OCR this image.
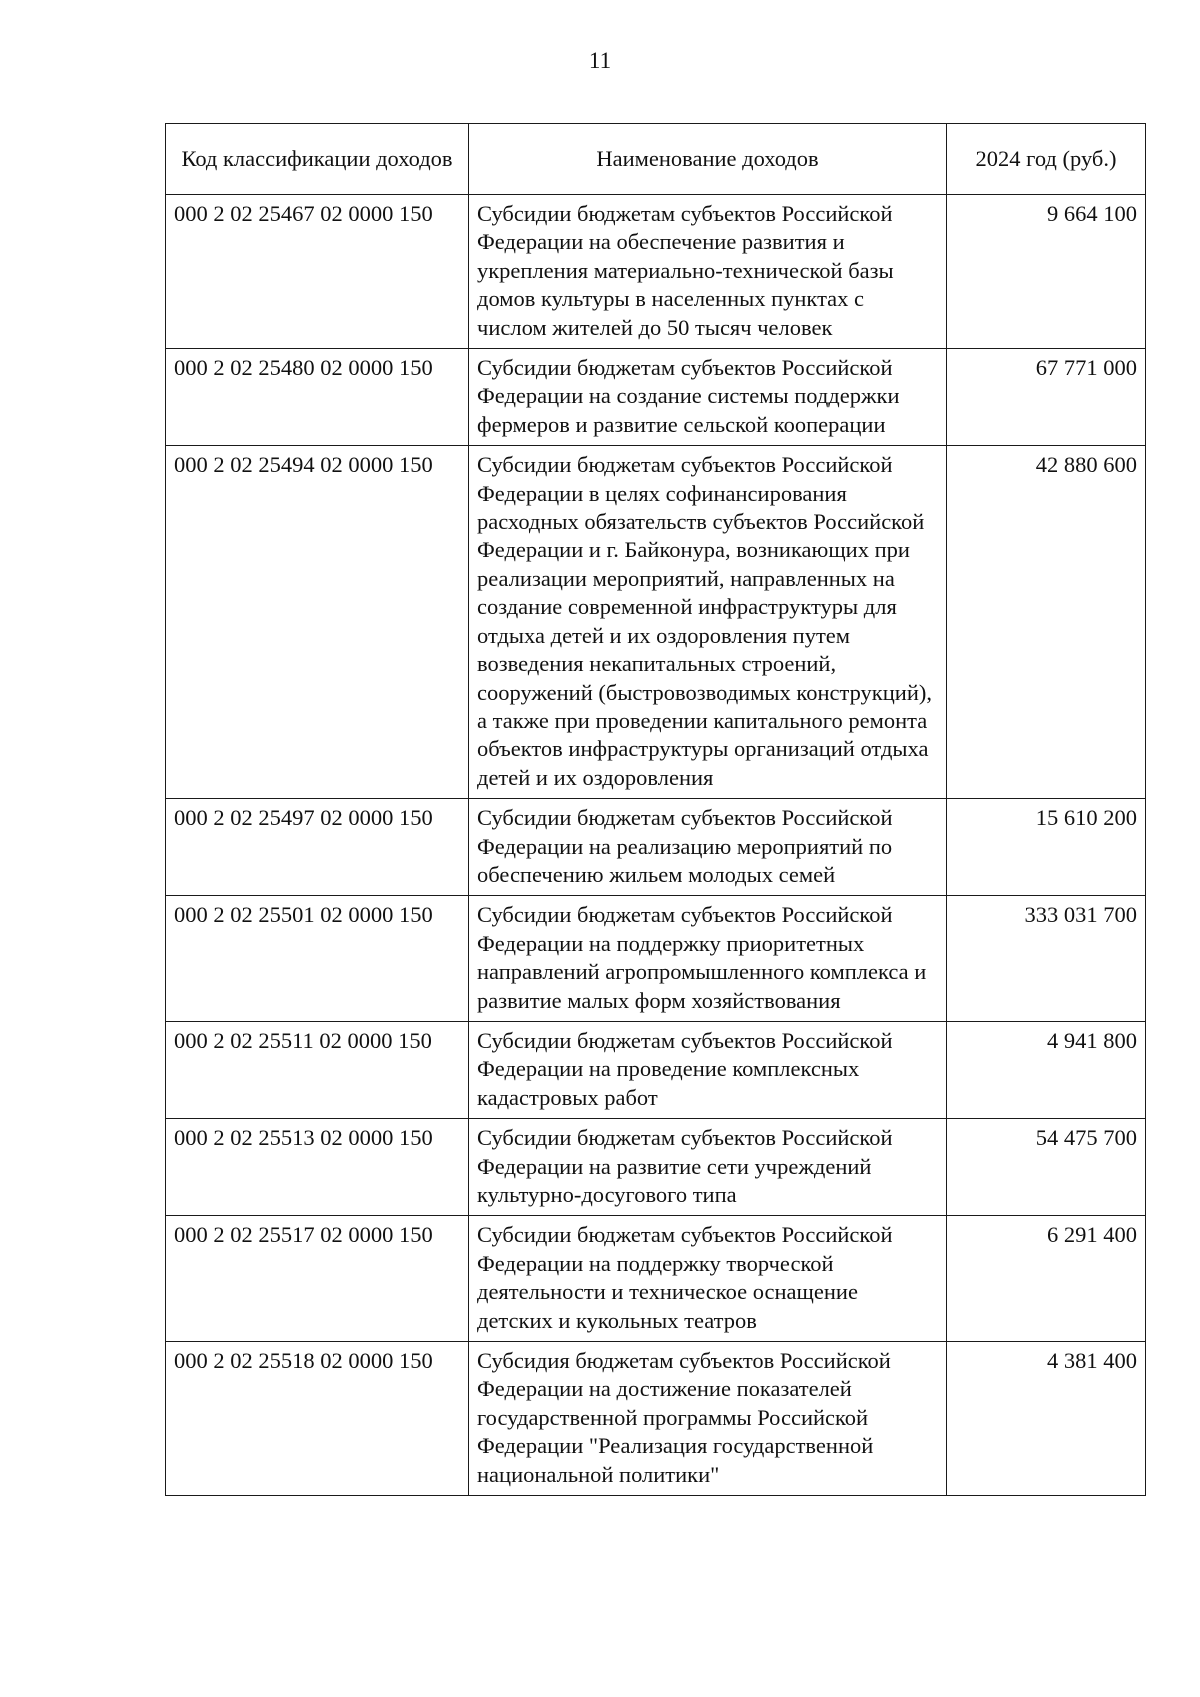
11
Код классификации доходов	Наименование доходов	2024 год (руб.)
000 2 02 25467 02 0000 150	Субсидии бюджетам субъектов Российской Федерации на обеспечение развития и укрепления материально-технической базы домов культуры в населенных пунктах с числом жителей до 50 тысяч человек	9 664 100
000 2 02 25480 02 0000 150	Субсидии бюджетам субъектов Российской Федерации на создание системы поддержки фермеров и развитие сельской кооперации	67 771 000
000 2 02 25494 02 0000 150	Субсидии бюджетам субъектов Российской Федерации в целях софинансирования расходных обязательств субъектов Российской Федерации и г. Байконура, возникающих при реализации мероприятий, направленных на создание современной инфраструктуры для отдыха детей и их оздоровления путем возведения некапитальных строений, сооружений (быстровозводимых конструкций), а также при проведении капитального ремонта объектов инфраструктуры организаций отдыха детей и их оздоровления	42 880 600
000 2 02 25497 02 0000 150	Субсидии бюджетам субъектов Российской Федерации на реализацию мероприятий по обеспечению жильем молодых семей	15 610 200
000 2 02 25501 02 0000 150	Субсидии бюджетам субъектов Российской Федерации на поддержку приоритетных направлений агропромышленного комплекса и развитие малых форм хозяйствования	333 031 700
000 2 02 25511 02 0000 150	Субсидии бюджетам субъектов Российской Федерации на проведение комплексных кадастровых работ	4 941 800
000 2 02 25513 02 0000 150	Субсидии бюджетам субъектов Российской Федерации на развитие сети учреждений культурно-досугового типа	54 475 700
000 2 02 25517 02 0000 150	Субсидии бюджетам субъектов Российской Федерации на поддержку творческой деятельности и техническое оснащение детских и кукольных театров	6 291 400
000 2 02 25518 02 0000 150	Субсидия бюджетам субъектов Российской Федерации на достижение показателей государственной программы Российской Федерации "Реализация государственной национальной политики"	4 381 400
